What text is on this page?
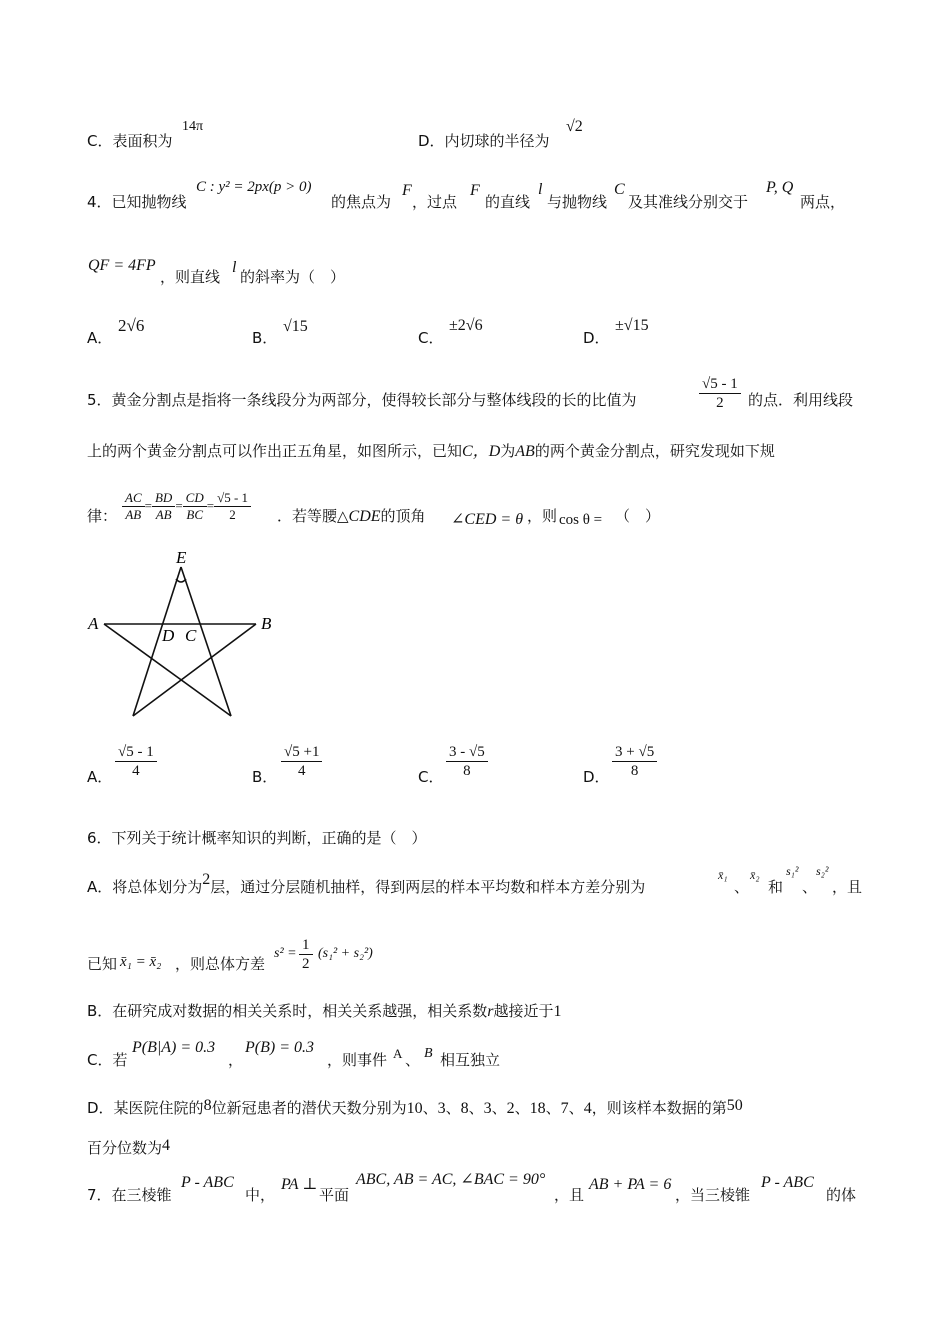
C．表面积为
14π
D．内切球的半径为
√2
4．已知抛物线
C : y² = 2px(p > 0)
的焦点为
F
，过点
F
的直线
l
与抛物线
C
及其准线分别交于
P, Q
两点，
QF = 4FP
，则直线
l
的斜率为（　）
A．
2√6
B．
√15
C．
±2√6
D．
±√15
5．黄金分割点是指将一条线段分为两部分，使得较长部分与整体线段的长的比值为	$\frac{√5 - 1}{2}$ 的点．利用线段
上的两个黄金分割点可以作出正五角星，如图所示，已知C，D为AB的两个黄金分割点，研究发现如下规
律： $\frac{AC}{AB} = \frac{BD}{AB} = \frac{CD}{BC} = \frac{√5 - 1}{2}$ ．若等腰△CDE的顶角 ∠CED = θ ，则 cos θ = （　）
E
A	B
D C
A． $\frac{√5 - 1}{4}$	B． $\frac{√5 +1}{4}$	C． $\frac{3 - √5}{8}$	D． $\frac{3 + √5}{8}$
6．下列关于统计概率知识的判断，正确的是（　）
A．将总体划分为2层，通过分层随机抽样，得到两层的样本平均数和样本方差分别为
x̄₁
、
x̄₂
和
s₁²
、
s₂²
，且
已知 x̄₁ = x̄₂ ，则总体方差
$s^2 = \frac{1}{2} (s_1^2 + s_2^2)$
B．在研究成对数据的相关关系时，相关关系越强，相关系数r越接近于1
C．若
P(B|A) = 0.3
，
P(B) = 0.3
，则事件 A 、 B 相互独立
D．某医院住院的8位新冠患者的潜伏天数分别为10、3、8、3、2、18、7、4，则该样本数据的第50
百分位数为4
7．在三棱锥
P - ABC
中，
PA ⊥
平面
ABC, AB = AC, ∠BAC = 90°
，且
AB + PA = 6
，当三棱锥
P - ABC
的体
